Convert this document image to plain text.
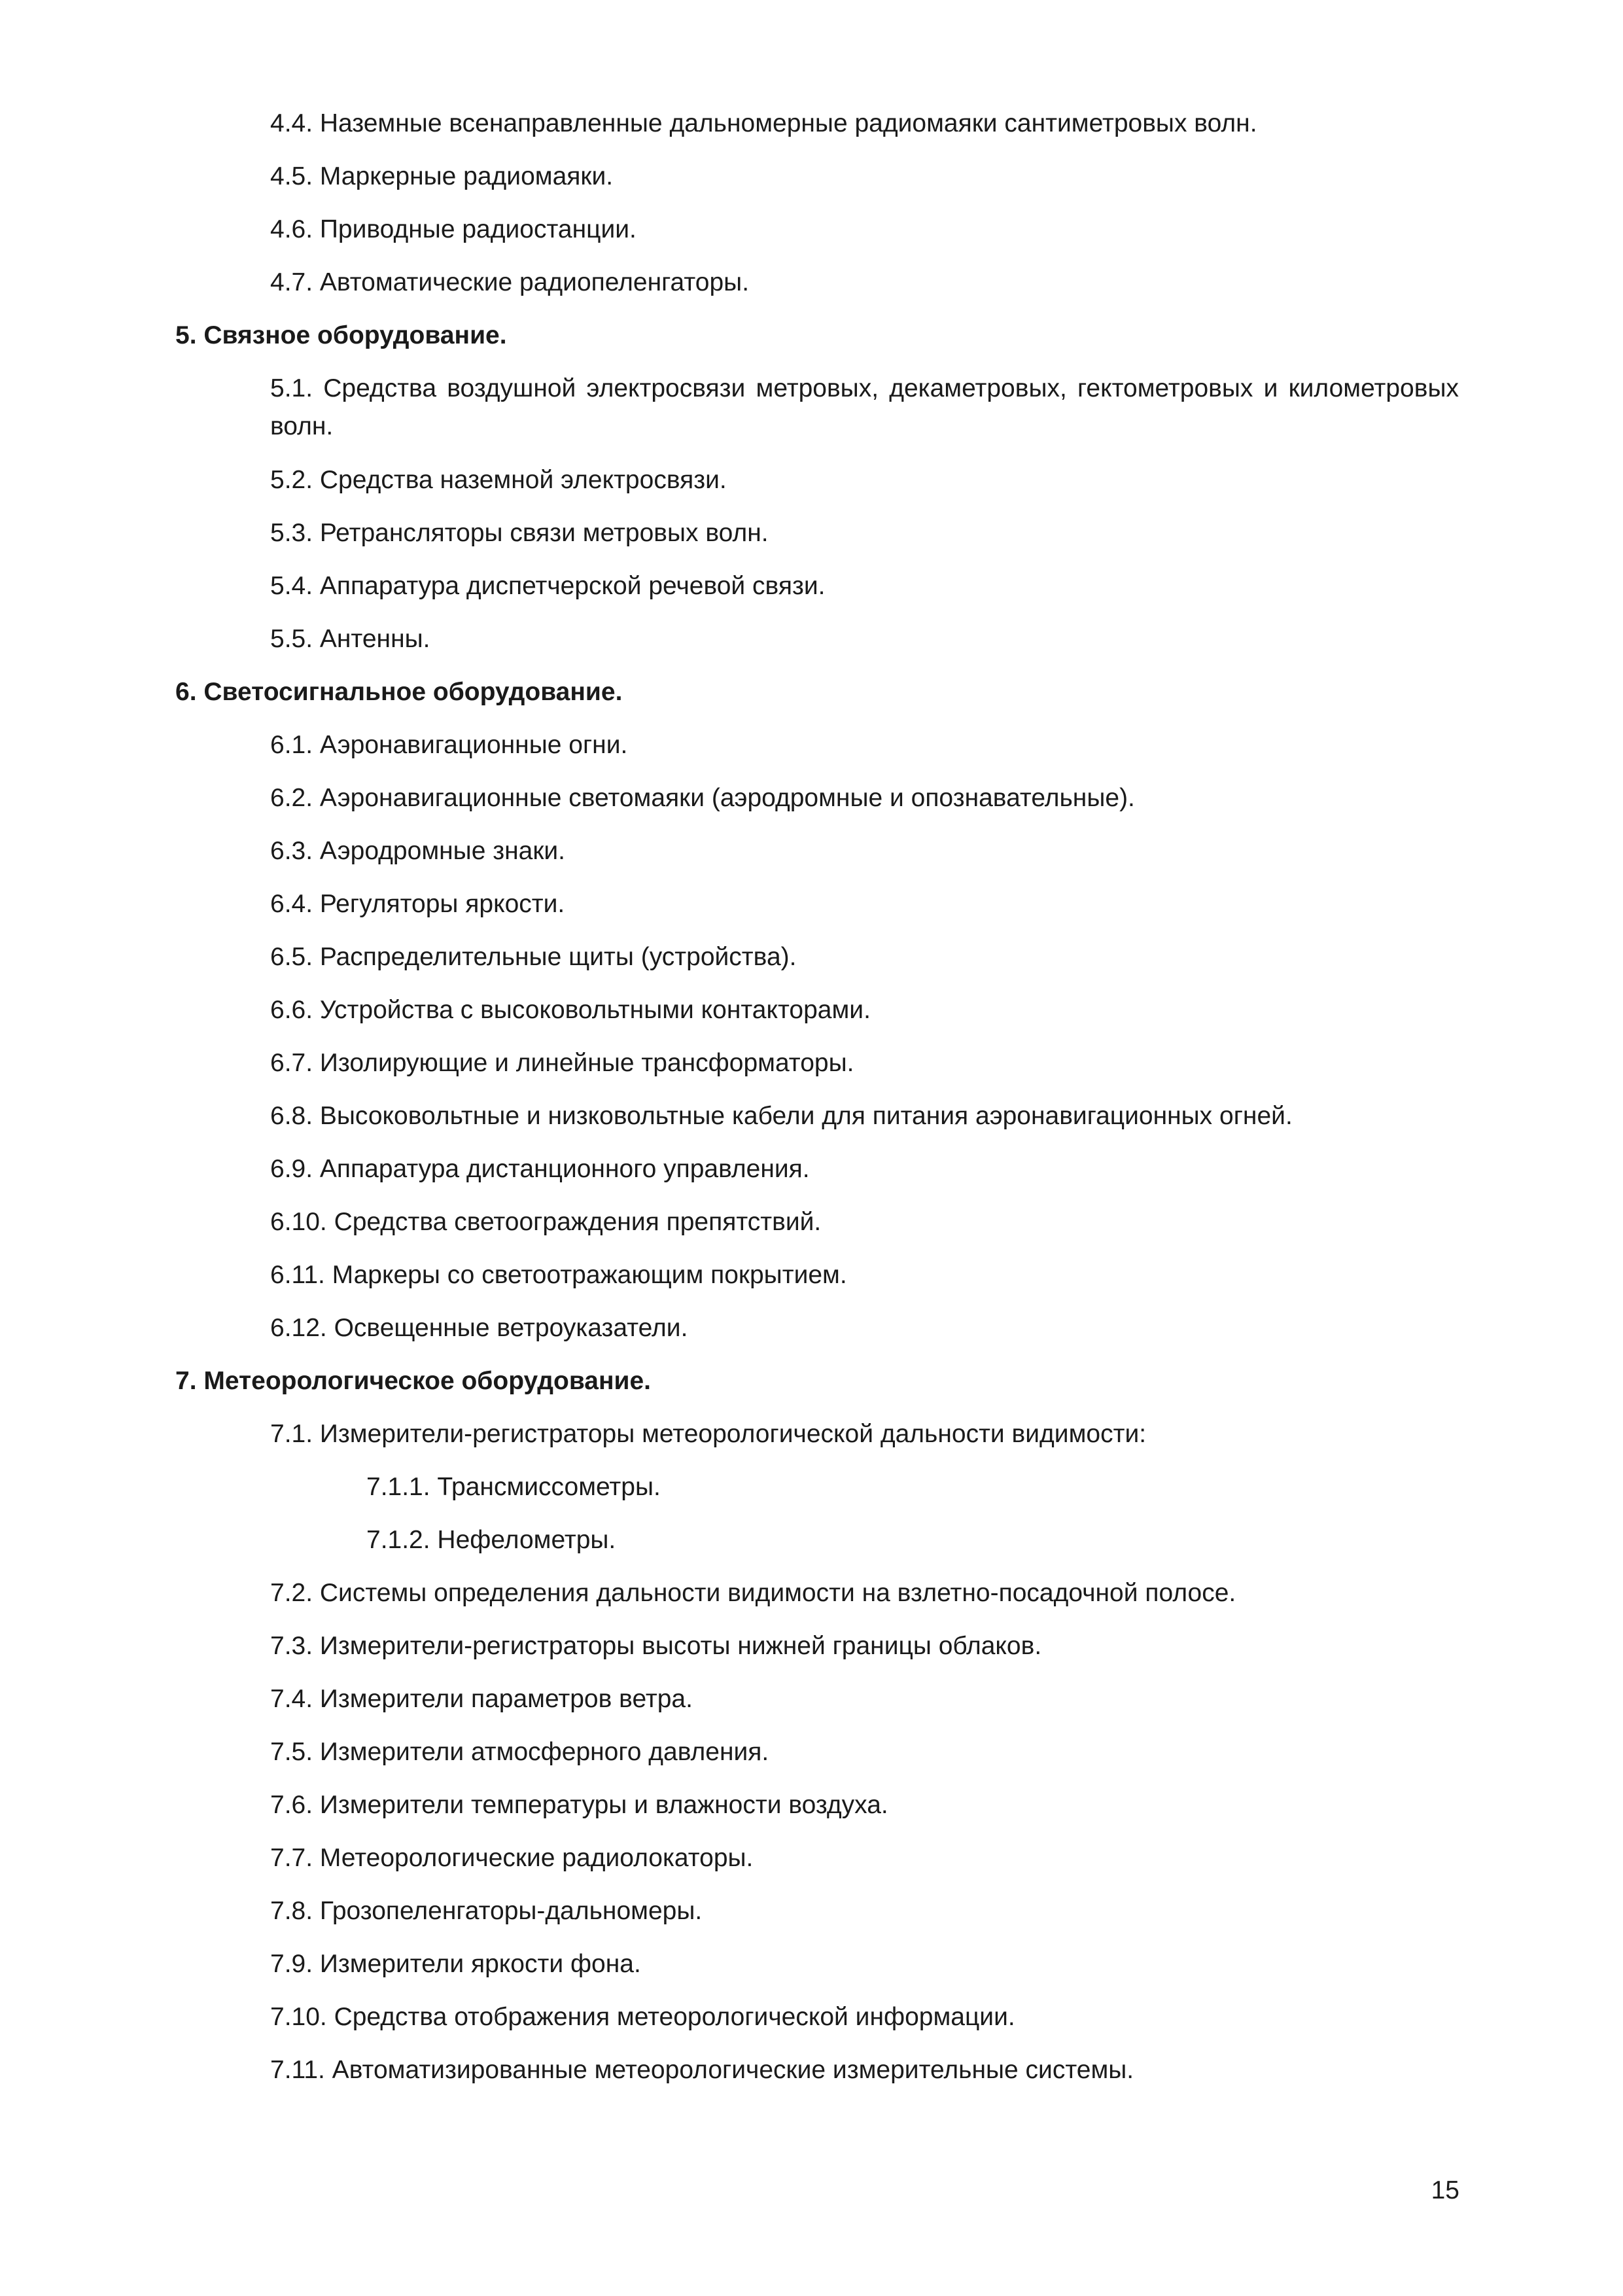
4.4. Наземные всенаправленные дальномерные радиомаяки сантиметровых волн.
4.5. Маркерные радиомаяки.
4.6. Приводные радиостанции.
4.7. Автоматические радиопеленгаторы.
5. Связное оборудование.
5.1. Средства воздушной электросвязи метровых, декаметровых, гектометровых и километровых волн.
5.2. Средства наземной электросвязи.
5.3. Ретрансляторы связи метровых волн.
5.4. Аппаратура диспетчерской речевой связи.
5.5. Антенны.
6. Светосигнальное оборудование.
6.1. Аэронавигационные огни.
6.2. Аэронавигационные светомаяки (аэродромные и опознавательные).
6.3. Аэродромные знаки.
6.4. Регуляторы яркости.
6.5. Распределительные щиты (устройства).
6.6. Устройства с высоковольтными контакторами.
6.7. Изолирующие и линейные трансформаторы.
6.8. Высоковольтные и низковольтные кабели для питания аэронавигационных огней.
6.9. Аппаратура дистанционного управления.
6.10. Средства светоограждения препятствий.
6.11. Маркеры со светоотражающим покрытием.
6.12. Освещенные ветроуказатели.
7. Метеорологическое оборудование.
7.1. Измерители-регистраторы метеорологической дальности видимости:
7.1.1. Трансмиссометры.
7.1.2. Нефелометры.
7.2. Системы определения дальности видимости на взлетно-посадочной полосе.
7.3. Измерители-регистраторы высоты нижней границы облаков.
7.4. Измерители параметров ветра.
7.5. Измерители атмосферного давления.
7.6. Измерители температуры и влажности воздуха.
7.7. Метеорологические радиолокаторы.
7.8. Грозопеленгаторы-дальномеры.
7.9. Измерители яркости фона.
7.10. Средства отображения метеорологической информации.
7.11. Автоматизированные метеорологические измерительные системы.
15
